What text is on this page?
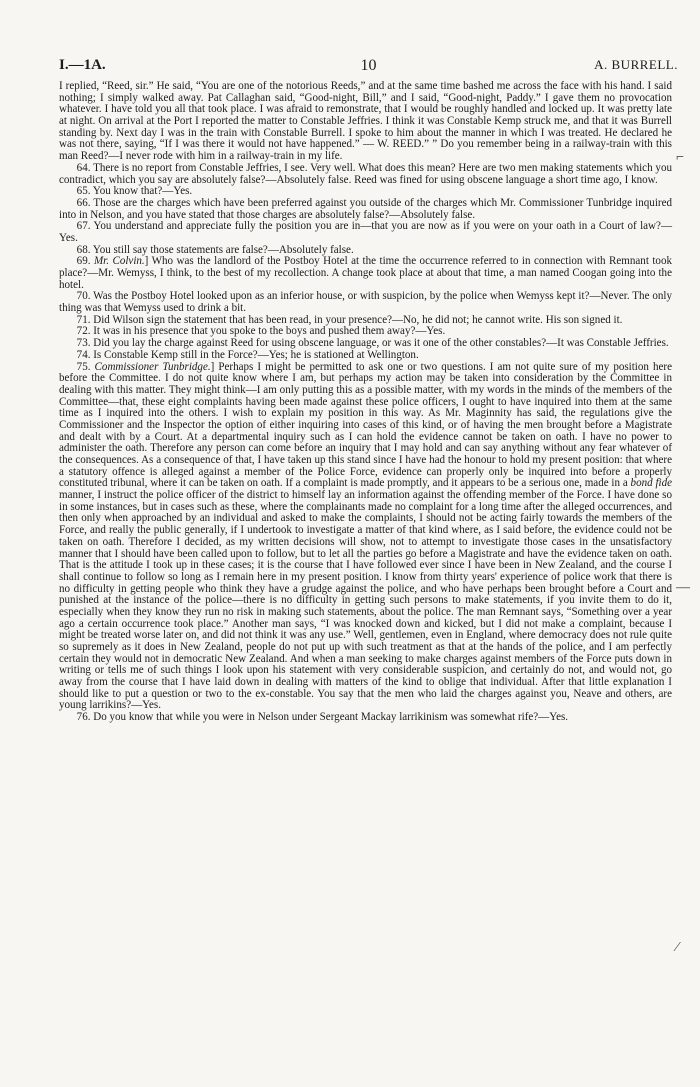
I.—1A.	10	A. BURRELL.

I replied, “Reed, sir.” He said, “You are one of the notorious Reeds,” and at the same time bashed me across the face with his hand. I said nothing; I simply walked away. Pat Callaghan said, “Good-night, Bill,” and I said, “Good-night, Paddy.” I gave them no provocation whatever. I have told you all that took place. I was afraid to remonstrate, that I would be roughly handled and locked up. It was pretty late at night. On arrival at the Port I reported the matter to Constable Jeffries. I think it was Constable Kemp struck me, and that it was Burrell standing by. Next day I was in the train with Constable Burrell. I spoke to him about the manner in which I was treated. He declared he was not there, saying, “If I was there it would not have happened.” — W. REED.” ” Do you remember being in a railway-train with this man Reed?—I never rode with him in a railway-train in my life.

64. There is no report from Constable Jeffries, I see. Very well. What does this mean? Here are two men making statements which you contradict, which you say are absolutely false?—Absolutely false. Reed was fined for using obscene language a short time ago, I know.

65. You know that?—Yes.

66. Those are the charges which have been preferred against you outside of the charges which Mr. Commissioner Tunbridge inquired into in Nelson, and you have stated that those charges are absolutely false?—Absolutely false.

67. You understand and appreciate fully the position you are in—that you are now as if you were on your oath in a Court of law?—Yes.

68. You still say those statements are false?—Absolutely false.

69. Mr. Colvin.] Who was the landlord of the Postboy Hotel at the time the occurrence referred to in connection with Remnant took place?—Mr. Wemyss, I think, to the best of my recollection. A change took place at about that time, a man named Coogan going into the hotel.

70. Was the Postboy Hotel looked upon as an inferior house, or with suspicion, by the police when Wemyss kept it?—Never. The only thing was that Wemyss used to drink a bit.

71. Did Wilson sign the statement that has been read, in your presence?—No, he did not; he cannot write. His son signed it.

72. It was in his presence that you spoke to the boys and pushed them away?—Yes.

73. Did you lay the charge against Reed for using obscene language, or was it one of the other constables?—It was Constable Jeffries.

74. Is Constable Kemp still in the Force?—Yes; he is stationed at Wellington.

75. Commissioner Tunbridge.] Perhaps I might be permitted to ask one or two questions. I am not quite sure of my position here before the Committee. I do not quite know where I am, but perhaps my action may be taken into consideration by the Committee in dealing with this matter. They might think—I am only putting this as a possible matter, with my words in the minds of the members of the Committee—that, these eight complaints having been made against these police officers, I ought to have inquired into them at the same time as I inquired into the others. I wish to explain my position in this way. As Mr. Maginnity has said, the regulations give the Commissioner and the Inspector the option of either inquiring into cases of this kind, or of having the men brought before a Magistrate and dealt with by a Court. At a departmental inquiry such as I can hold the evidence cannot be taken on oath. I have no power to administer the oath. Therefore any person can come before an inquiry that I may hold and can say anything without any fear whatever of the consequences. As a consequence of that, I have taken up this stand since I have had the honour to hold my present position: that where a statutory offence is alleged against a member of the Police Force, evidence can properly only be inquired into before a properly constituted tribunal, where it can be taken on oath. If a complaint is made promptly, and it appears to be a serious one, made in a bond fide manner, I instruct the police officer of the district to himself lay an information against the offending member of the Force. I have done so in some instances, but in cases such as these, where the complainants made no complaint for a long time after the alleged occurrences, and then only when approached by an individual and asked to make the complaints, I should not be acting fairly towards the members of the Force, and really the public generally, if I undertook to investigate a matter of that kind where, as I said before, the evidence could not be taken on oath. Therefore I decided, as my written decisions will show, not to attempt to investigate those cases in the unsatisfactory manner that I should have been called upon to follow, but to let all the parties go before a Magistrate and have the evidence taken on oath. That is the attitude I took up in these cases; it is the course that I have followed ever since I have been in New Zealand, and the course I shall continue to follow so long as I remain here in my present position. I know from thirty years' experience of police work that there is no difficulty in getting people who think they have a grudge against the police, and who have perhaps been brought before a Court and punished at the instance of the police—there is no difficulty in getting such persons to make statements, if you invite them to do it, especially when they know they run no risk in making such statements, about the police. The man Remnant says, “Something over a year ago a certain occurrence took place.” Another man says, “I was knocked down and kicked, but I did not make a complaint, because I might be treated worse later on, and did not think it was any use.” Well, gentlemen, even in England, where democracy does not rule quite so supremely as it does in New Zealand, people do not put up with such treatment as that at the hands of the police, and I am perfectly certain they would not in democratic New Zealand. And when a man seeking to make charges against members of the Force puts down in writing or tells me of such things I look upon his statement with very considerable suspicion, and certainly do not, and would not, go away from the course that I have laid down in dealing with matters of the kind to oblige that individual. After that little explanation I should like to put a question or two to the ex-constable. You say that the men who laid the charges against you, Neave and others, are young larrikins?—Yes.

76. Do you know that while you were in Nelson under Sergeant Mackay larrikinism was somewhat rife?—Yes.

⌐
—
⁄
